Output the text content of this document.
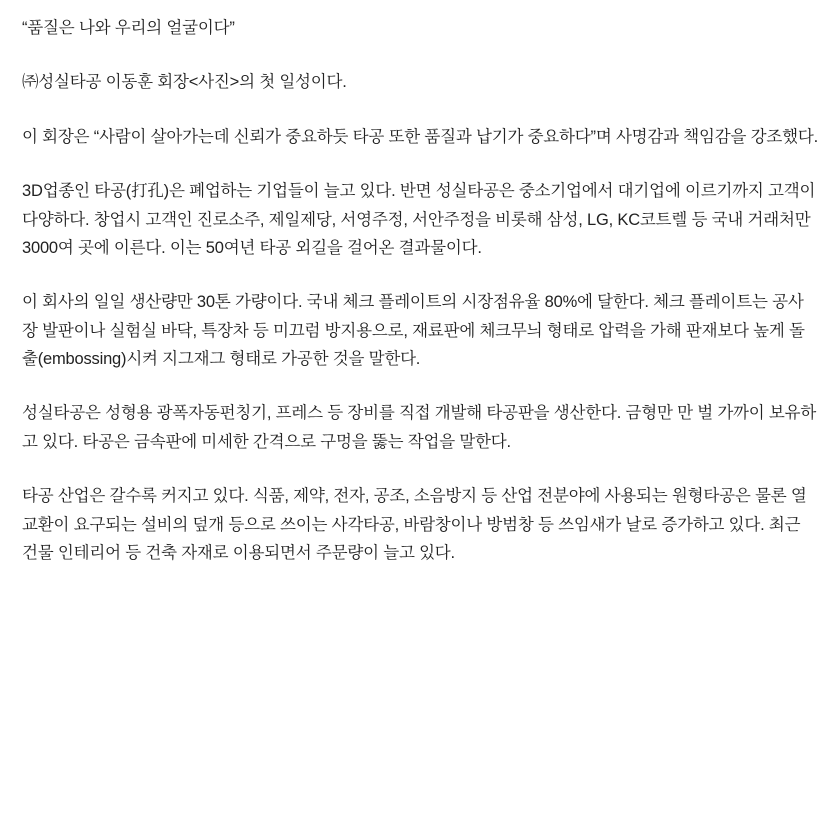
“품질은 나와 우리의 얼굴이다”

㈜성실타공 이동훈 회장<사진>의 첫 일성이다.

이 회장은 “사람이 살아가는데 신뢰가 중요하듯 타공 또한 품질과 납기가 중요하다”며 사명감과 책임감을 강조했다.

3D업종인 타공(打孔)은 폐업하는 기업들이 늘고 있다. 반면 성실타공은 중소기업에서 대기업에 이르기까지 고객이 다양하다. 창업시 고객인 진로소주, 제일제당, 서영주정, 서안주정을 비롯해 삼성, LG, KC코트렐 등 국내 거래처만 3000여 곳에 이른다. 이는 50여년 타공 외길을 걸어온 결과물이다.

이 회사의 일일 생산량만 30톤 가량이다. 국내 체크 플레이트의 시장점유율 80%에 달한다. 체크 플레이트는 공사장 발판이나 실험실 바닥, 특장차 등 미끄럼 방지용으로, 재료판에 체크무늬 형태로 압력을 가해 판재보다 높게 돌출(embossing)시켜 지그재그 형태로 가공한 것을 말한다.

성실타공은 성형용 광폭자동펀칭기, 프레스 등 장비를 직접 개발해 타공판을 생산한다. 금형만 만 벌 가까이 보유하고 있다. 타공은 금속판에 미세한 간격으로 구멍을 뚫는 작업을 말한다.

타공 산업은 갈수록 커지고 있다. 식품, 제약, 전자, 공조, 소음방지 등 산업 전분야에 사용되는 원형타공은 물론 열교환이 요구되는 설비의 덮개 등으로 쓰이는 사각타공, 바람창이나 방범창 등 쓰임새가 날로 증가하고 있다. 최근 건물 인테리어 등 건축 자재로 이용되면서 주문량이 늘고 있다.
